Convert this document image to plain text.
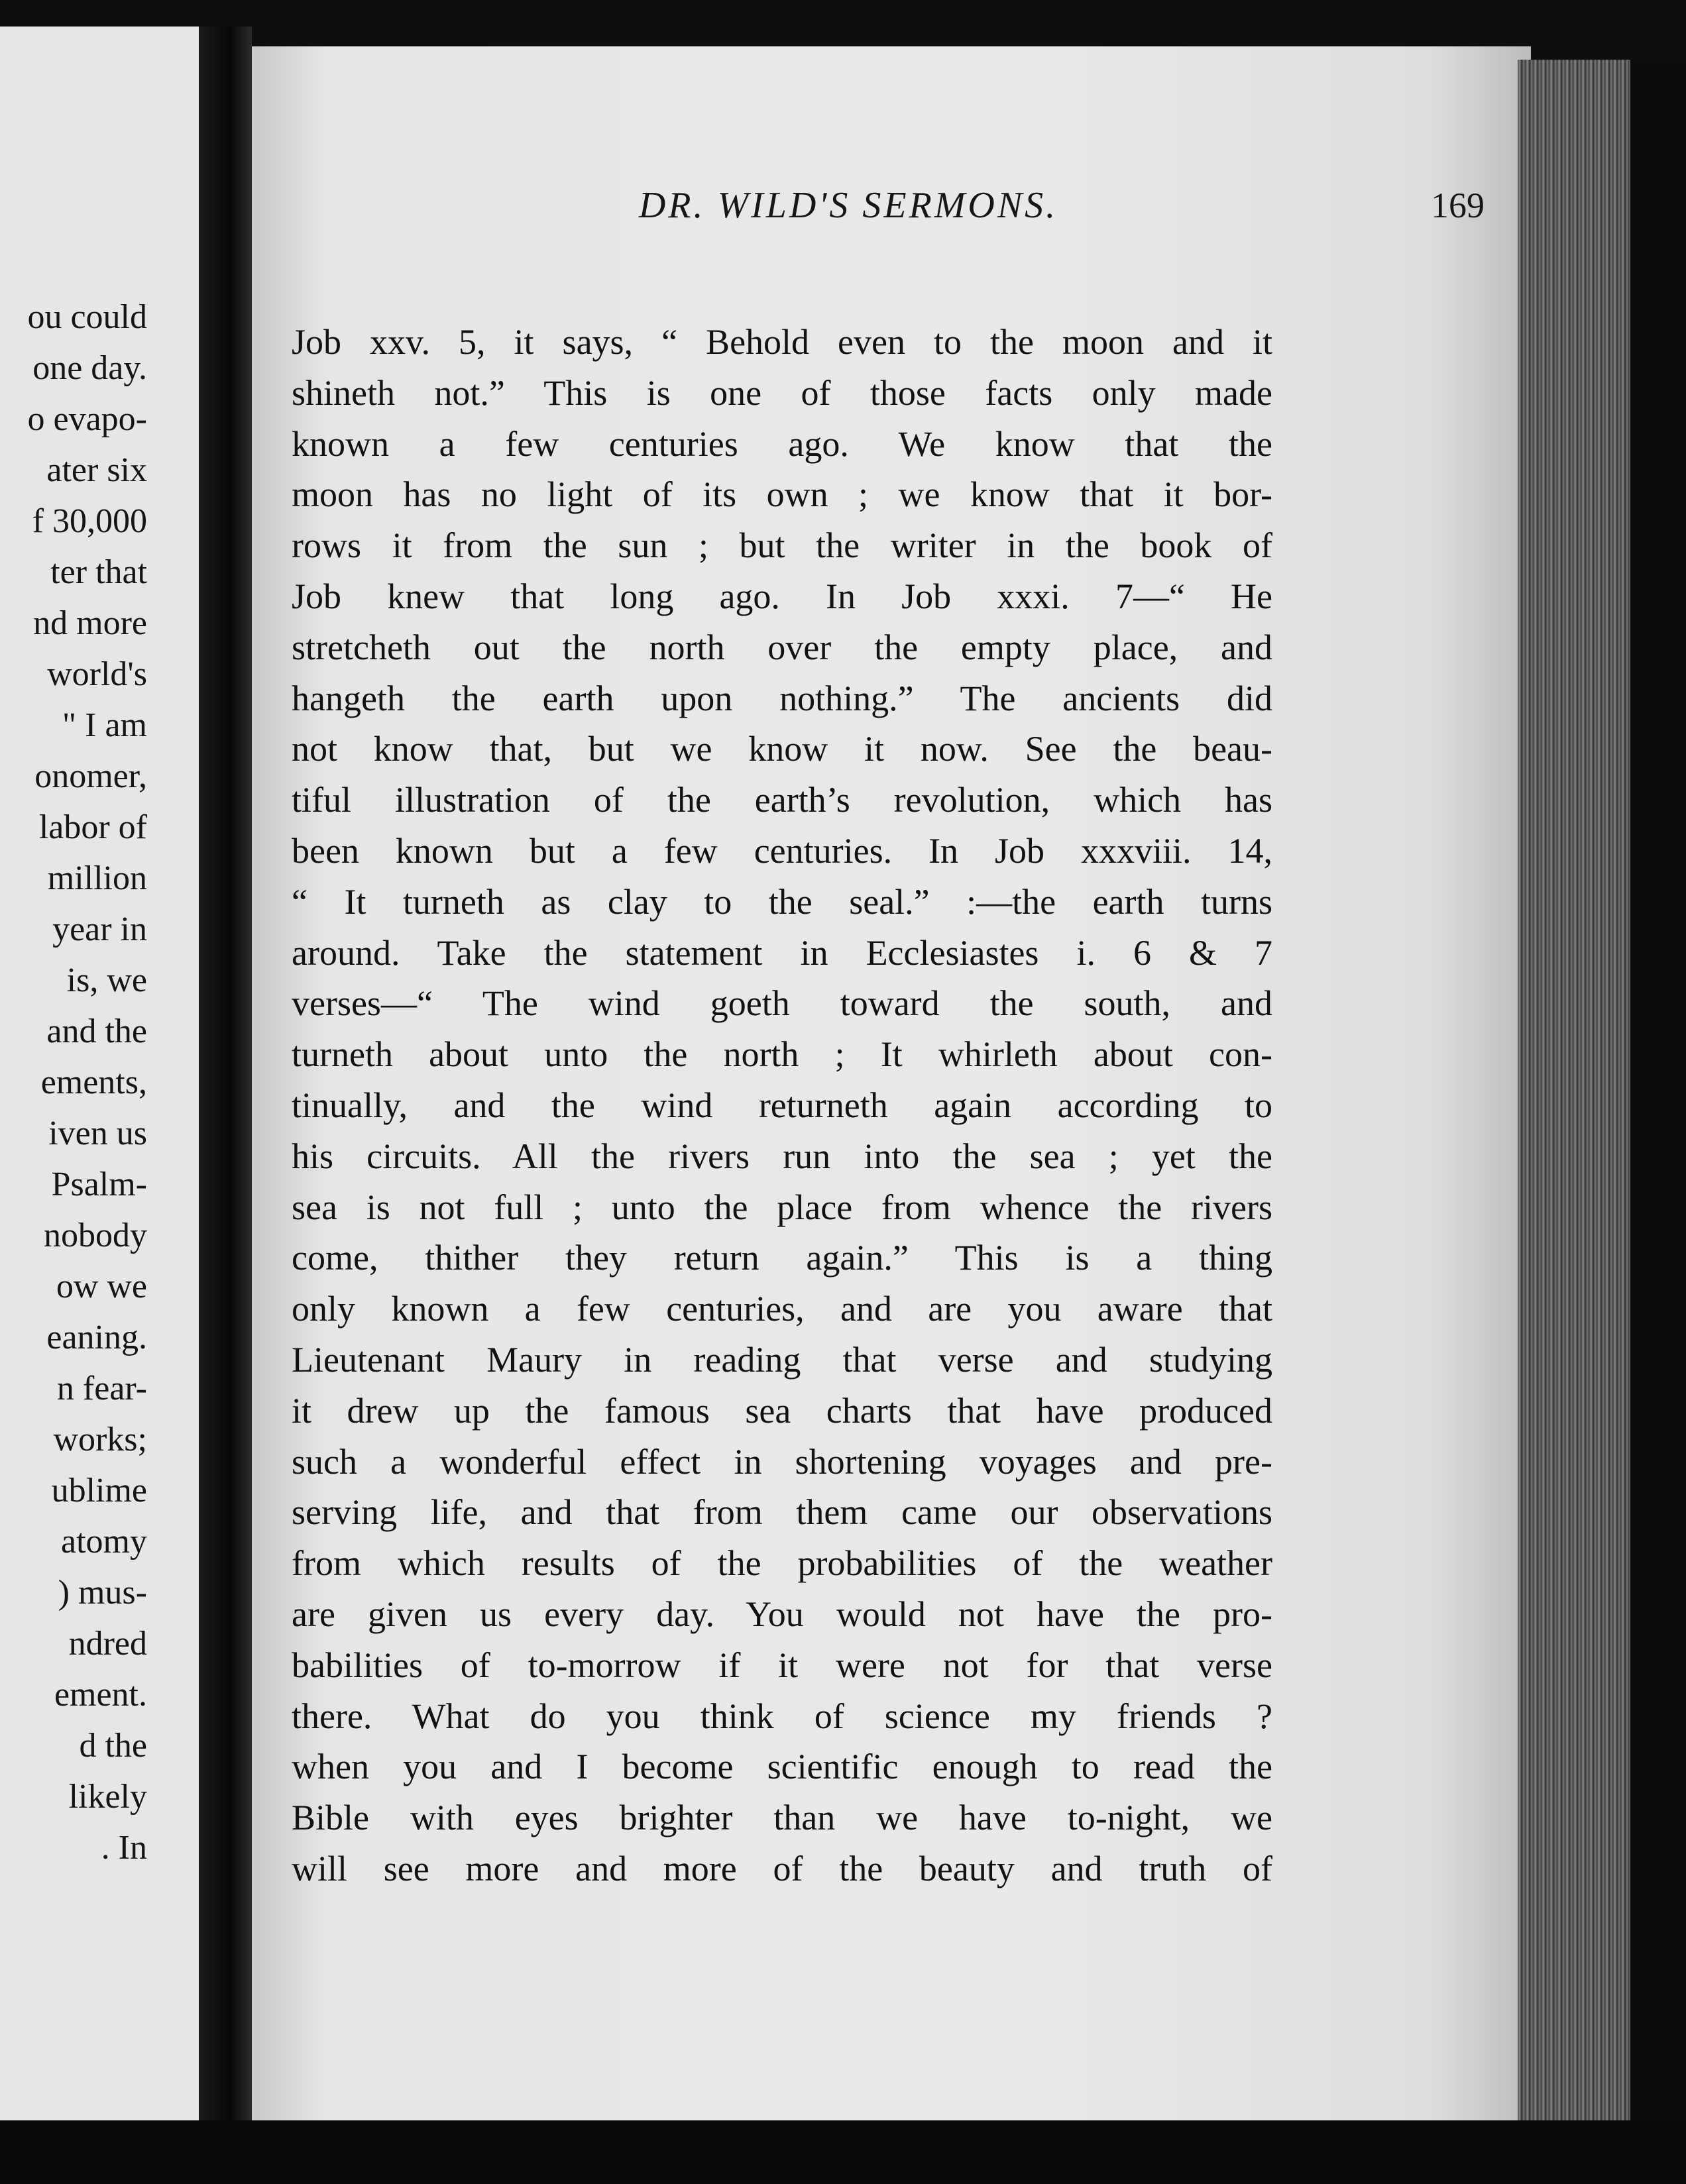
ou could
one day.
o evapo-
ater six
f 30,000
ter that
nd more
world's
" I am
onomer,
labor of
million
year in
is, we
and the
ements,
iven us
Psalm-
nobody
ow we
eaning.
n fear-
works;
ublime
atomy
) mus-
ndred
ement.
d the
likely
. In
DR. WILD'S SERMONS.	169
Job xxv. 5, it says, “ Behold even to the moon and it
shineth not.” This is one of those facts only made
known a few centuries ago. We know that the
moon has no light of its own ; we know that it bor-
rows it from the sun ; but the writer in the book of
Job knew that long ago. In Job xxxi. 7—“ He
stretcheth out the north over the empty place, and
hangeth the earth upon nothing.” The ancients did
not know that, but we know it now. See the beau-
tiful illustration of the earth’s revolution, which has
been known but a few centuries. In Job xxxviii. 14,
“ It turneth as clay to the seal.” :—the earth turns
around. Take the statement in Ecclesiastes i. 6 & 7
verses—“ The wind goeth toward the south, and
turneth about unto the north ; It whirleth about con-
tinually, and the wind returneth again according to
his circuits. All the rivers run into the sea ; yet the
sea is not full ; unto the place from whence the rivers
come, thither they return again.” This is a thing
only known a few centuries, and are you aware that
Lieutenant Maury in reading that verse and studying
it drew up the famous sea charts that have produced
such a wonderful effect in shortening voyages and pre-
serving life, and that from them came our observations
from which results of the probabilities of the weather
are given us every day. You would not have the pro-
babilities of to-morrow if it were not for that verse
there. What do you think of science my friends ?
when you and I become scientific enough to read the
Bible with eyes brighter than we have to-night, we
will see more and more of the beauty and truth of
